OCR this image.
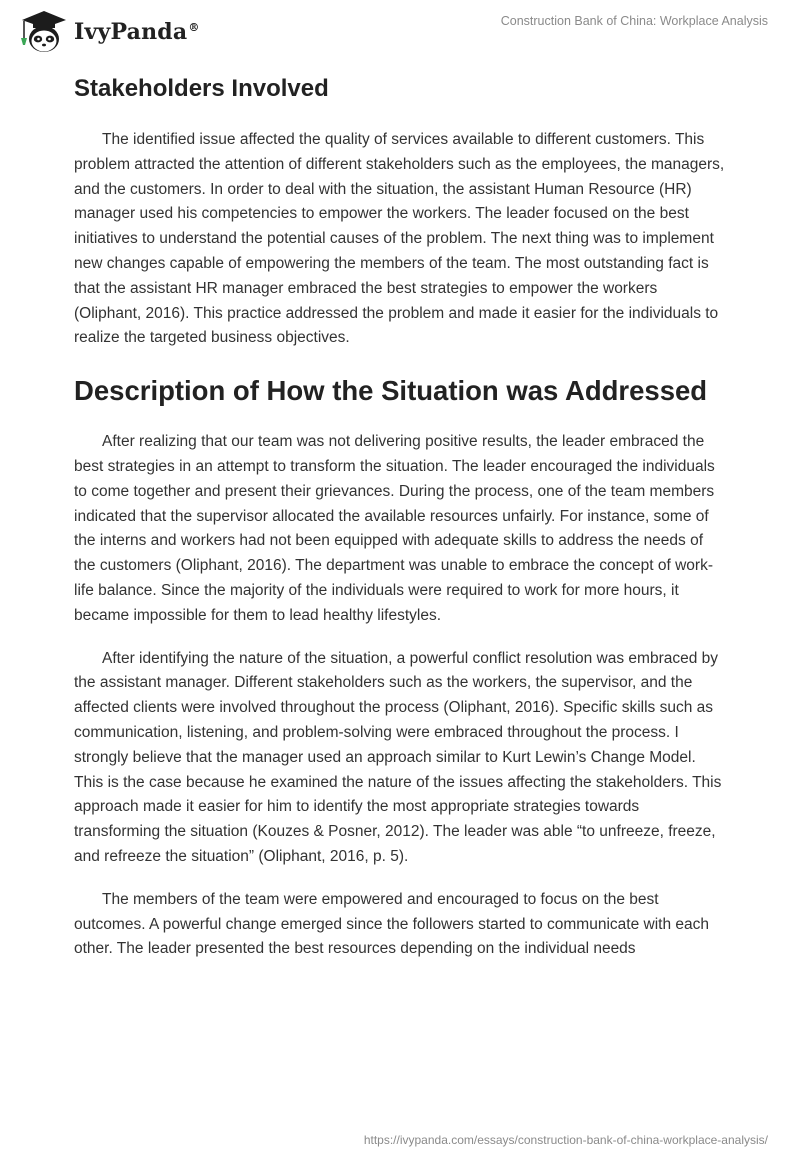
IvyPanda®	Construction Bank of China: Workplace Analysis
Stakeholders Involved

The identified issue affected the quality of services available to different customers. This problem attracted the attention of different stakeholders such as the employees, the managers, and the customers. In order to deal with the situation, the assistant Human Resource (HR) manager used his competencies to empower the workers. The leader focused on the best initiatives to understand the potential causes of the problem. The next thing was to implement new changes capable of empowering the members of the team. The most outstanding fact is that the assistant HR manager embraced the best strategies to empower the workers (Oliphant, 2016). This practice addressed the problem and made it easier for the individuals to realize the targeted business objectives.

Description of How the Situation was Addressed

After realizing that our team was not delivering positive results, the leader embraced the best strategies in an attempt to transform the situation. The leader encouraged the individuals to come together and present their grievances. During the process, one of the team members indicated that the supervisor allocated the available resources unfairly. For instance, some of the interns and workers had not been equipped with adequate skills to address the needs of the customers (Oliphant, 2016). The department was unable to embrace the concept of work-life balance. Since the majority of the individuals were required to work for more hours, it became impossible for them to lead healthy lifestyles.

After identifying the nature of the situation, a powerful conflict resolution was embraced by the assistant manager. Different stakeholders such as the workers, the supervisor, and the affected clients were involved throughout the process (Oliphant, 2016). Specific skills such as communication, listening, and problem-solving were embraced throughout the process. I strongly believe that the manager used an approach similar to Kurt Lewin’s Change Model. This is the case because he examined the nature of the issues affecting the stakeholders. This approach made it easier for him to identify the most appropriate strategies towards transforming the situation (Kouzes & Posner, 2012). The leader was able “to unfreeze, freeze, and refreeze the situation” (Oliphant, 2016, p. 5).

The members of the team were empowered and encouraged to focus on the best outcomes. A powerful change emerged since the followers started to communicate with each other. The leader presented the best resources depending on the individual needs

https://ivypanda.com/essays/construction-bank-of-china-workplace-analysis/
